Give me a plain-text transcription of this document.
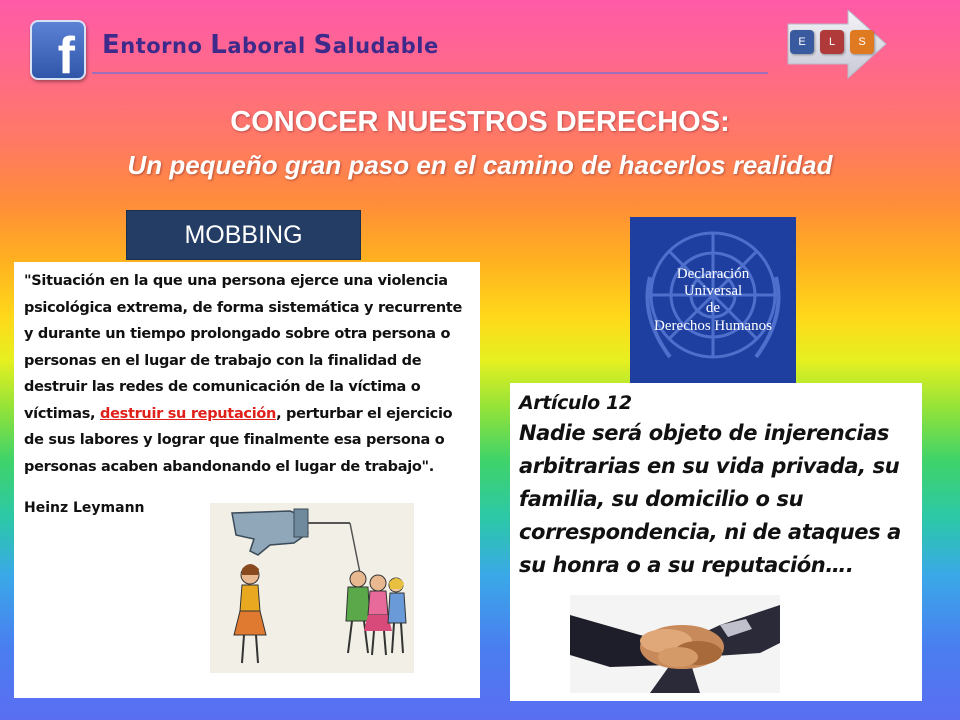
f Entorno Laboral Saludable	E	L	S
CONOCER NUESTROS DERECHOS:
Un pequeño gran paso en el camino de hacerlos realidad
MOBBING
"Situación en la que una persona ejerce una violencia psicológica extrema, de forma sistemática y recurrente y durante un tiempo prolongado sobre otra persona o personas en el lugar de trabajo con la finalidad de destruir las redes de comunicación de la víctima o víctimas, destruir su reputación, perturbar el ejercicio de sus labores y lograr que finalmente esa persona o personas acaben abandonando el lugar de trabajo".
Heinz Leymann
Declaración
Universal
de
Derechos Humanos
Artículo 12
Nadie será objeto de injerencias arbitrarias en su vida privada, su familia, su domicilio o su correspondencia, ni de ataques a su honra o a su reputación….
